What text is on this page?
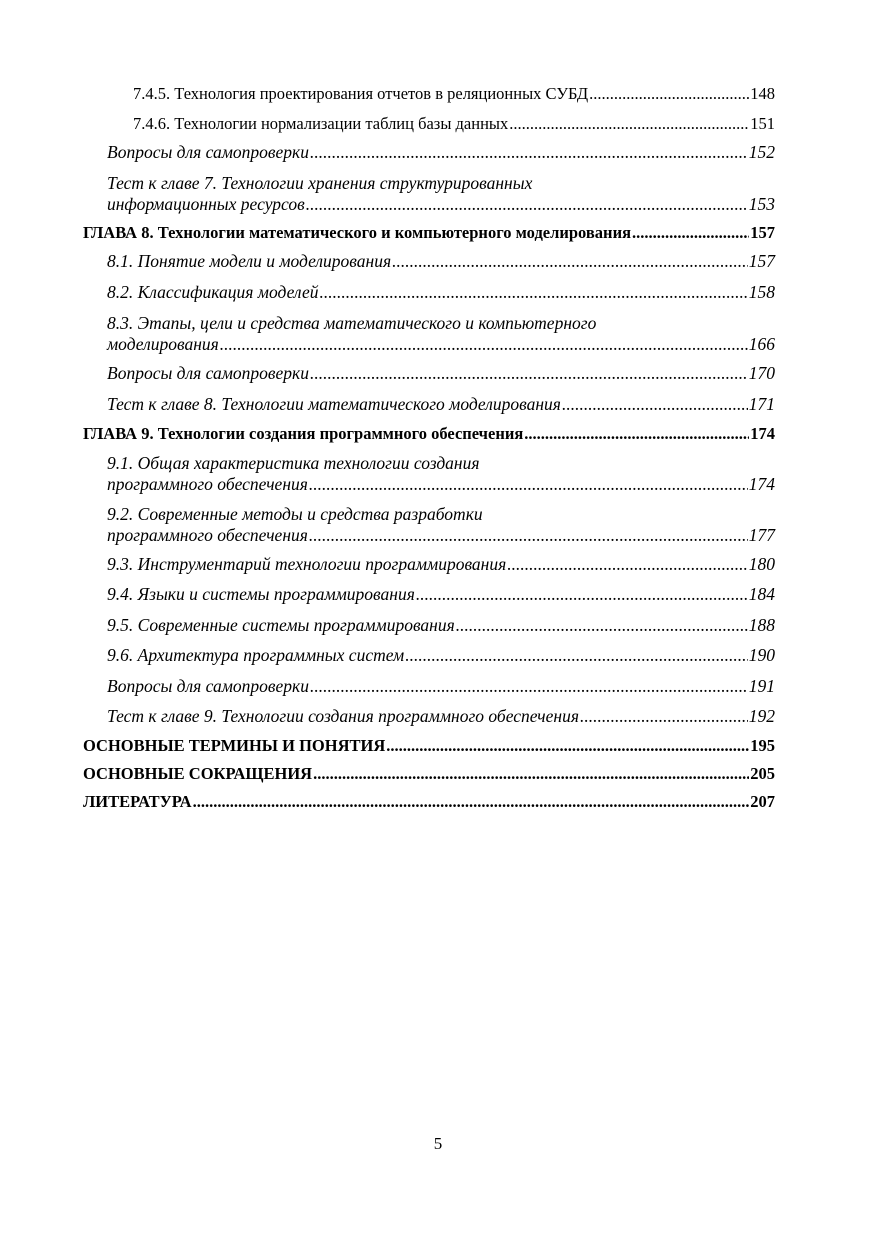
7.4.5. Технология проектирования отчетов в реляционных СУБД .....	148
7.4.6. Технологии нормализации таблиц базы данных .....	151
Вопросы для самопроверки .....	152
Тест к главе 7. Технологии хранения структурированных
информационных ресурсов .....	153
ГЛАВА 8. Технологии математического и компьютерного моделирования .....	157
8.1. Понятие модели и моделирования .....	157
8.2. Классификация моделей .....	158
8.3. Этапы, цели и средства математического и компьютерного
моделирования .....	166
Вопросы для самопроверки .....	170
Тест к главе 8. Технологии математического моделирования .....	171
ГЛАВА 9. Технологии создания программного обеспечения .....	174
9.1. Общая характеристика технологии создания
программного обеспечения .....	174
9.2. Современные методы и средства разработки
программного обеспечения .....	177
9.3. Инструментарий технологии программирования .....	180
9.4. Языки и системы программирования .....	184
9.5. Современные системы программирования .....	188
9.6. Архитектура программных систем .....	190
Вопросы для самопроверки .....	191
Тест к главе 9. Технологии создания программного обеспечения .....	192
ОСНОВНЫЕ ТЕРМИНЫ И ПОНЯТИЯ .....	195
ОСНОВНЫЕ СОКРАЩЕНИЯ .....	205
ЛИТЕРАТУРА .....	207
5
